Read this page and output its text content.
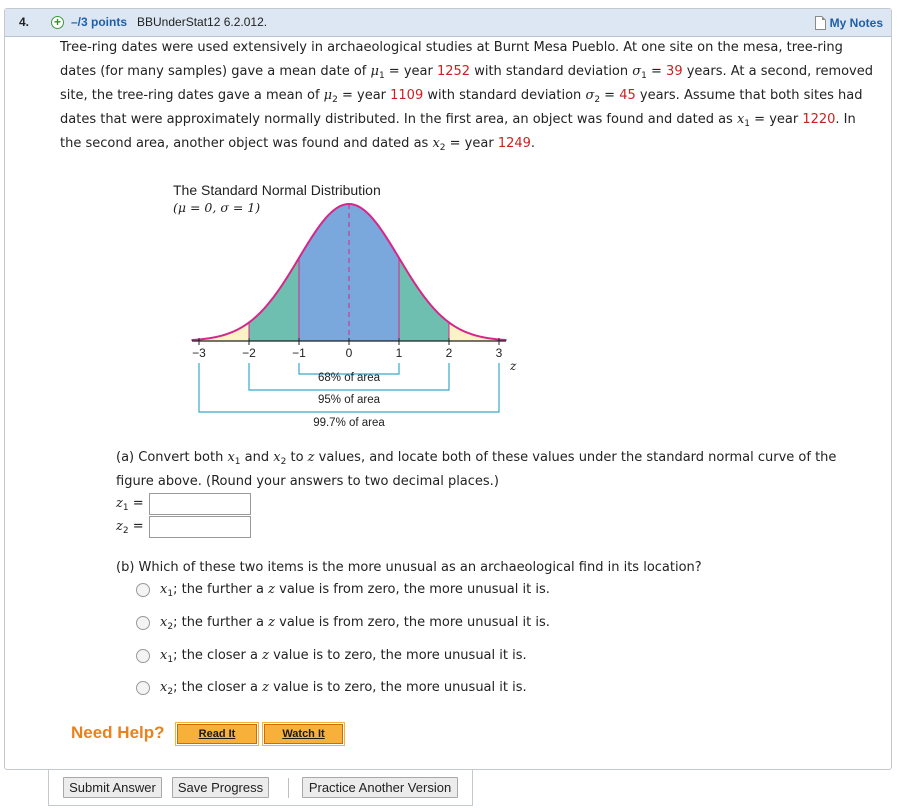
4. + –/3 points BBUnderStat12 6.2.012.	My Notes
Tree-ring dates were used extensively in archaeological studies at Burnt Mesa Pueblo. At one site on the mesa, tree-ring dates (for many samples) gave a mean date of $\mu_1$ = year 1252 with standard deviation $\sigma_1 = 39$ years. At a second, removed site, the tree-ring dates gave a mean of $\mu_2$ = year 1109 with standard deviation $\sigma_2 = 45$ years. Assume that both sites had dates that were approximately normally distributed. In the first area, an object was found and dated as $x_1$ = year 1220. In the second area, another object was found and dated as $x_2$ = year 1249.
The Standard Normal Distribution
(μ = 0, σ = 1)
−3	−2	−1	0	1	2	3
z
68% of area
95% of area
99.7% of area
(a) Convert both $x_1$ and $x_2$ to z values, and locate both of these values under the standard normal curve of the figure above. (Round your answers to two decimal places.)
$z_1$ =
$z_2$ =
(b) Which of these two items is the more unusual as an archaeological find in its location?
$x_1$; the further a z value is from zero, the more unusual it is.
$x_2$; the further a z value is from zero, the more unusual it is.
$x_1$; the closer a z value is to zero, the more unusual it is.
$x_2$; the closer a z value is to zero, the more unusual it is.
Need Help?	Read It	Watch It
Submit Answer	Save Progress	Practice Another Version
